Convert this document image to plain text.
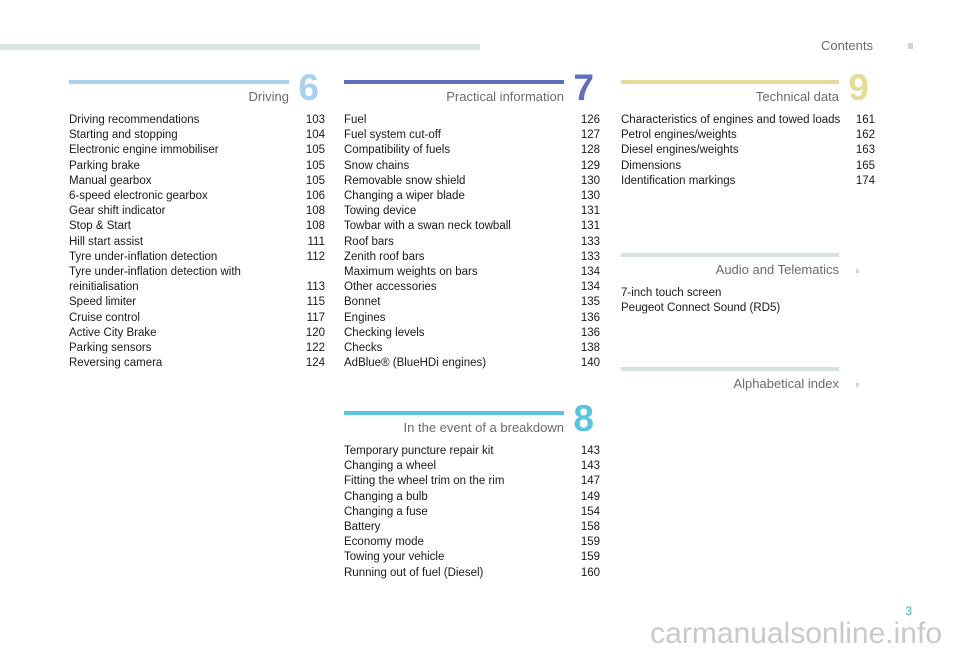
Contents
Driving 6
Driving recommendations	103
Starting and stopping	104
Electronic engine immobiliser	105
Parking brake	105
Manual gearbox	105
6-speed electronic gearbox	106
Gear shift indicator	108
Stop & Start	108
Hill start assist	111
Tyre under-inflation detection	112
Tyre under-inflation detection with
reinitialisation	113
Speed limiter	115
Cruise control	117
Active City Brake	120
Parking sensors	122
Reversing camera	124
Practical information 7
Fuel	126
Fuel system cut-off	127
Compatibility of fuels	128
Snow chains	129
Removable snow shield	130
Changing a wiper blade	130
Towing device	131
Towbar with a swan neck towball	131
Roof bars	133
Zenith roof bars	133
Maximum weights on bars	134
Other accessories	134
Bonnet	135
Engines	136
Checking levels	136
Checks	138
AdBlue® (BlueHDi engines)	140
In the event of a breakdown 8
Temporary puncture repair kit	143
Changing a wheel	143
Fitting the wheel trim on the rim	147
Changing a bulb	149
Changing a fuse	154
Battery	158
Economy mode	159
Towing your vehicle	159
Running out of fuel (Diesel)	160
Technical data 9
Characteristics of engines and towed loads	161
Petrol engines/weights	162
Diesel engines/weights	163
Dimensions	165
Identification markings	174
Audio and Telematics
7-inch touch screen
Peugeot Connect Sound (RD5)
Alphabetical index
3
carmanualsonline.info
